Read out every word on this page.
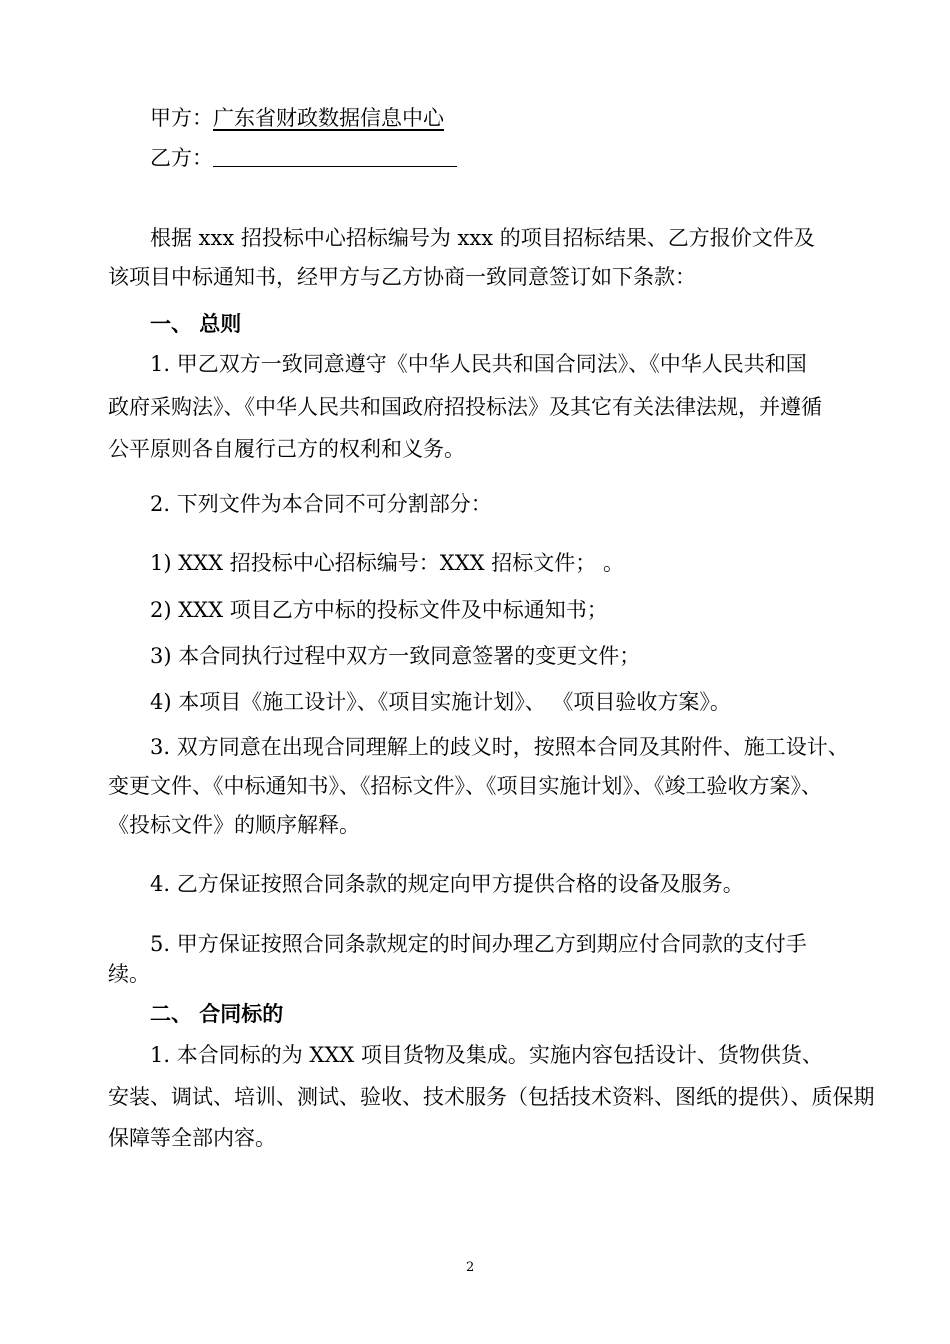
甲方：广东省财政数据信息中心
乙方：
根据 xxx 招投标中心招标编号为 xxx 的项目招标结果、乙方报价文件及
该项目中标通知书，经甲方与乙方协商一致同意签订如下条款：
一、 总则
1. 甲乙双方一致同意遵守《中华人民共和国合同法》、《中华人民共和国
政府采购法》、《中华人民共和国政府招投标法》及其它有关法律法规，并遵循
公平原则各自履行己方的权利和义务。
2. 下列文件为本合同不可分割部分：
1) XXX 招投标中心招标编号：XXX 招标文件； 。
2) XXX 项目乙方中标的投标文件及中标通知书；
3) 本合同执行过程中双方一致同意签署的变更文件；
4) 本项目《施工设计》、《项目实施计划》、 《项目验收方案》。
3. 双方同意在出现合同理解上的歧义时，按照本合同及其附件、施工设计、
变更文件、《中标通知书》、《招标文件》、《项目实施计划》、《竣工验收方案》、
《投标文件》的顺序解释。
4. 乙方保证按照合同条款的规定向甲方提供合格的设备及服务。
5. 甲方保证按照合同条款规定的时间办理乙方到期应付合同款的支付手
续。
二、 合同标的
1. 本合同标的为 XXX 项目货物及集成。实施内容包括设计、货物供货、
安装、调试、培训、测试、验收、技术服务（包括技术资料、图纸的提供）、质保期
保障等全部内容。
2
